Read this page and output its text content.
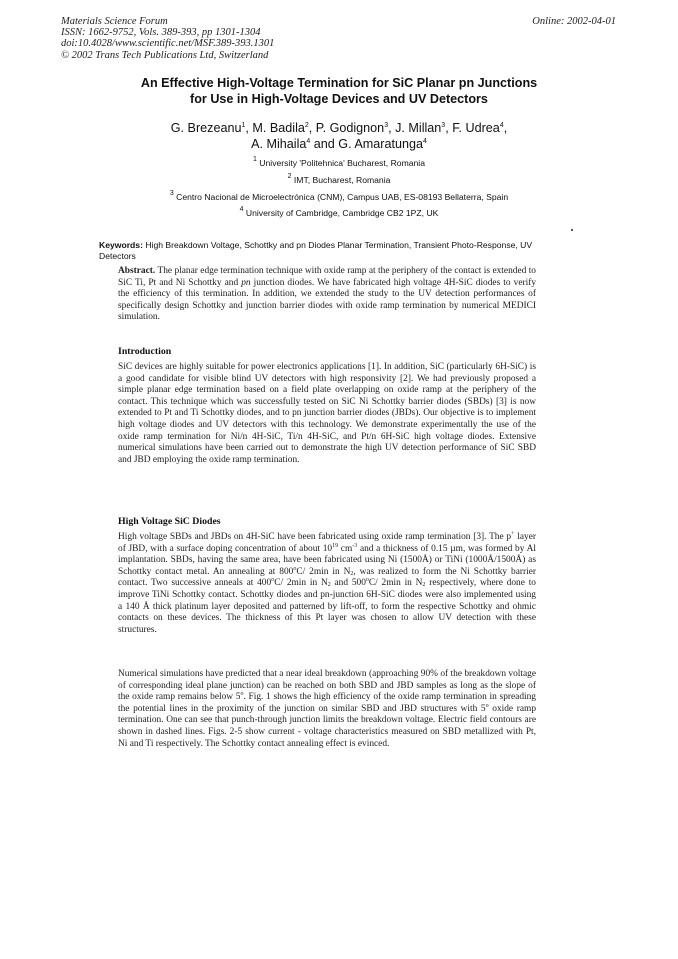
Materials Science Forum
ISSN: 1662-9752, Vols. 389-393, pp 1301-1304
doi:10.4028/www.scientific.net/MSF.389-393.1301
© 2002 Trans Tech Publications Ltd, Switzerland
Online: 2002-04-01
An Effective High-Voltage Termination for SiC Planar pn Junctions
for Use in High-Voltage Devices and UV Detectors
G. Brezeanu$^1$, M. Badila$^2$, P. Godignon$^3$, J. Millan$^3$, F. Udrea$^4$,
A. Mihaila$^4$ and G. Amaratunga$^4$
$^1$ University 'Politehnica' Bucharest, Romania
$^2$ IMT, Bucharest, Romania
$^3$ Centro Nacional de Microelectrónica (CNM), Campus UAB, ES-08193 Bellaterra, Spain
$^4$ University of Cambridge, Cambridge CB2 1PZ, UK
Keywords: High Breakdown Voltage, Schottky and pn Diodes Planar Termination, Transient Photo-Response, UV Detectors
Abstract. The planar edge termination technique with oxide ramp at the periphery of the contact is extended to SiC Ti, Pt and Ni Schottky and pn junction diodes. We have fabricated high voltage 4H-SiC diodes to verify the efficiency of this termination. In addition, we extended the study to the UV detection performances of specifically design Schottky and junction barrier diodes with oxide ramp termination by numerical MEDICI simulation.
Introduction
SiC devices are highly suitable for power electronics applications [1]. In addition, SiC (particularly 6H-SiC) is a good candidate for visible blind UV detectors with high responsivity [2]. We had previously proposed a simple planar edge termination based on a field plate overlapping on oxide ramp at the periphery of the contact. This technique which was successfully tested on SiC Ni Schottky barrier diodes (SBDs) [3] is now extended to Pt and Ti Schottky diodes, and to pn junction barrier diodes (JBDs). Our objective is to implement high voltage diodes and UV detectors with this technology. We demonstrate experimentally the use of the oxide ramp termination for Ni/n 4H-SiC, Ti/n 4H-SiC, and Pt/n 6H-SiC high voltage diodes. Extensive numerical simulations have been carried out to demonstrate the high UV detection performance of SiC SBD and JBD employing the oxide ramp termination.
High Voltage SiC Diodes
High voltage SBDs and JBDs on 4H-SiC have been fabricated using oxide ramp termination [3]. The p+ layer of JBD, with a surface doping concentration of about $10^{19}$ $cm^{-3}$ and a thickness of 0.15 µm, was formed by Al implantation. SBDs, having the same area, have been fabricated using Ni (1500Å) or TiNi (1000Å/1500Å) as Schottky contact metal. An annealing at 800$^o$C/ 2min in $N_2$, was realized to form the Ni Schottky barrier contact. Two successive anneals at 400$^o$C/ 2min in $N_2$ and 500$^o$C/ 2min in $N_2$ respectively, where done to improve TiNi Schottky contact. Schottky diodes and pn-junction 6H-SiC diodes were also implemented using a 140 Å thick platinum layer deposited and patterned by lift-off, to form the respective Schottky and ohmic contacts on these devices. The thickness of this Pt layer was chosen to allow UV detection with these structures.
Numerical simulations have predicted that a near ideal breakdown (approaching 90% of the breakdown voltage of corresponding ideal plane junction) can be reached on both SBD and JBD samples as long as the slope of the oxide ramp remains below 5$^o$. Fig. 1 shows the high efficiency of the oxide ramp termination in spreading the potential lines in the proximity of the junction on similar SBD and JBD structures with 5$^o$ oxide ramp termination. One can see that punch-through junction limits the breakdown voltage. Electric field contours are shown in dashed lines. Figs. 2-5 show current - voltage characteristics measured on SBD metallized with Pt, Ni and Ti respectively. The Schottky contact annealing effect is evinced.
